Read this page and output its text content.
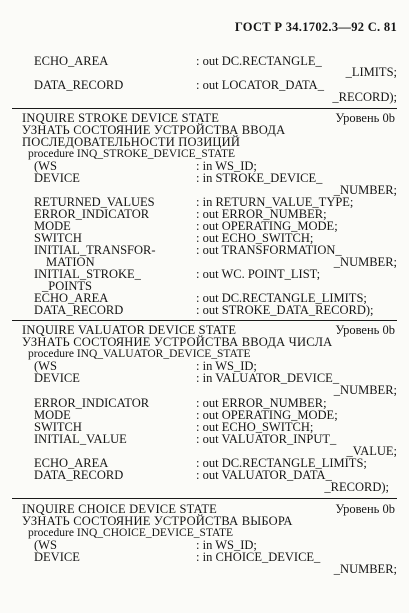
ГОСТ Р 34.1702.3—92 С. 81
ECHO_AREA	: out DC.RECTANGLE_
_LIMITS;
DATA_RECORD	: out LOCATOR_DATA_
_RECORD);
INQUIRE STROKE DEVICE STATE	Уровень 0b
УЗНАТЬ СОСТОЯНИЕ УСТРОЙСТВА ВВОДА
ПОСЛЕДОВАТЕЛЬНОСТИ ПОЗИЦИЙ
procedure INQ_STROKE_DEVICE_STATE
(WS	: in WS_ID;
DEVICE	: in STROKE_DEVICE_
_NUMBER;
RETURNED_VALUES	: in RETURN_VALUE_TYPE;
ERROR_INDICATOR	: out ERROR_NUMBER;
MODE	: out OPERATING_MODE;
SWITCH	: out ECHO_SWITCH;
INITIAL_TRANSFOR-	: out TRANSFORMATION_
MATION	_NUMBER;
INITIAL_STROKE_	: out WC. POINT_LIST;
_POINTS
ECHO_AREA	: out DC.RECTANGLE_LIMITS;
DATA_RECORD	: out STROKE_DATA_RECORD);
INQUIRE VALUATOR DEVICE STATE	Уровень 0b
УЗНАТЬ СОСТОЯНИЕ УСТРОЙСТВА ВВОДА ЧИСЛА
procedure INQ_VALUATOR_DEVICE_STATE
(WS	: in WS_ID;
DEVICE	: in VALUATOR_DEVICE_
_NUMBER;
ERROR_INDICATOR	: out ERROR_NUMBER;
MODE	: out OPERATING_MODE;
SWITCH	: out ECHO_SWITCH;
INITIAL_VALUE	: out VALUATOR_INPUT_
_VALUE;
ECHO_AREA	: out DC.RECTANGLE_LIMITS;
DATA_RECORD	: out VALUATOR_DATA_
_RECORD);
INQUIRE CHOICE DEVICE STATE	Уровень 0b
УЗНАТЬ СОСТОЯНИЕ УСТРОЙСТВА ВЫБОРА
procedure INQ_CHOICE_DEVICE_STATE
(WS	: in WS_ID;
DEVICE	: in CHOICE_DEVICE_
_NUMBER;
